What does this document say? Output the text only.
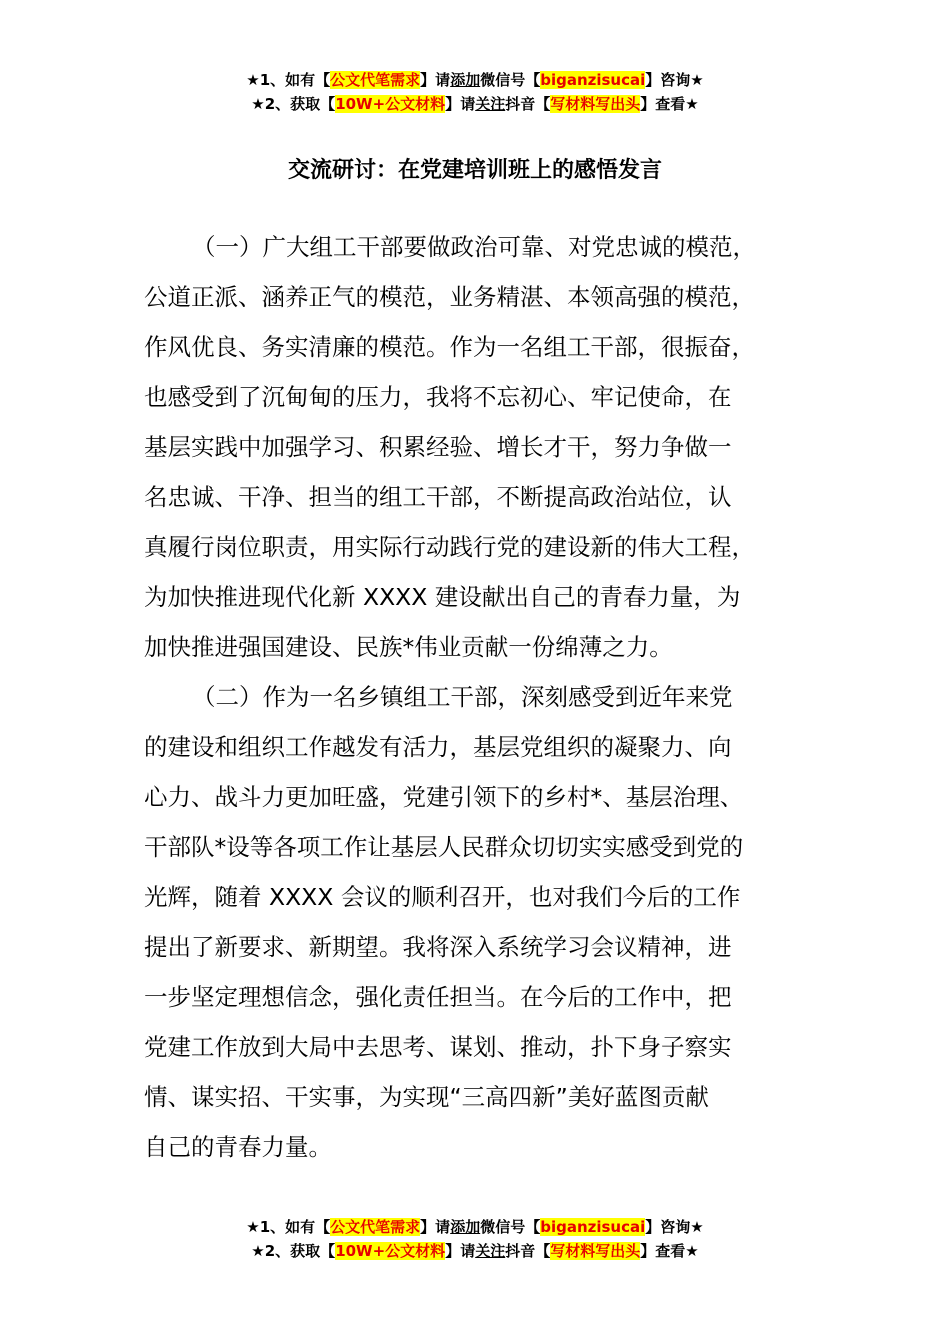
★1、如有【公文代笔需求】请添加微信号【biganzisucai】咨询★
★2、获取【10W+公文材料】请关注抖音【写材料写出头】查看★
交流研讨：在党建培训班上的感悟发言
（一）广大组工干部要做政治可靠、对党忠诚的模范，
公道正派、涵养正气的模范，业务精湛、本领高强的模范，
作风优良、务实清廉的模范。作为一名组工干部，很振奋，
也感受到了沉甸甸的压力，我将不忘初心、牢记使命，在
基层实践中加强学习、积累经验、增长才干，努力争做一
名忠诚、干净、担当的组工干部，不断提高政治站位，认
真履行岗位职责，用实际行动践行党的建设新的伟大工程，
为加快推进现代化新 XXXX 建设献出自己的青春力量，为
加快推进强国建设、民族*伟业贡献一份绵薄之力。
（二）作为一名乡镇组工干部，深刻感受到近年来党
的建设和组织工作越发有活力，基层党组织的凝聚力、向
心力、战斗力更加旺盛，党建引领下的乡村*、基层治理、
干部队*设等各项工作让基层人民群众切切实实感受到党的
光辉，随着 XXXX 会议的顺利召开，也对我们今后的工作
提出了新要求、新期望。我将深入系统学习会议精神，进
一步坚定理想信念，强化责任担当。在今后的工作中，把
党建工作放到大局中去思考、谋划、推动，扑下身子察实
情、谋实招、干实事，为实现“三高四新”美好蓝图贡献
自己的青春力量。
★1、如有【公文代笔需求】请添加微信号【biganzisucai】咨询★
★2、获取【10W+公文材料】请关注抖音【写材料写出头】查看★
